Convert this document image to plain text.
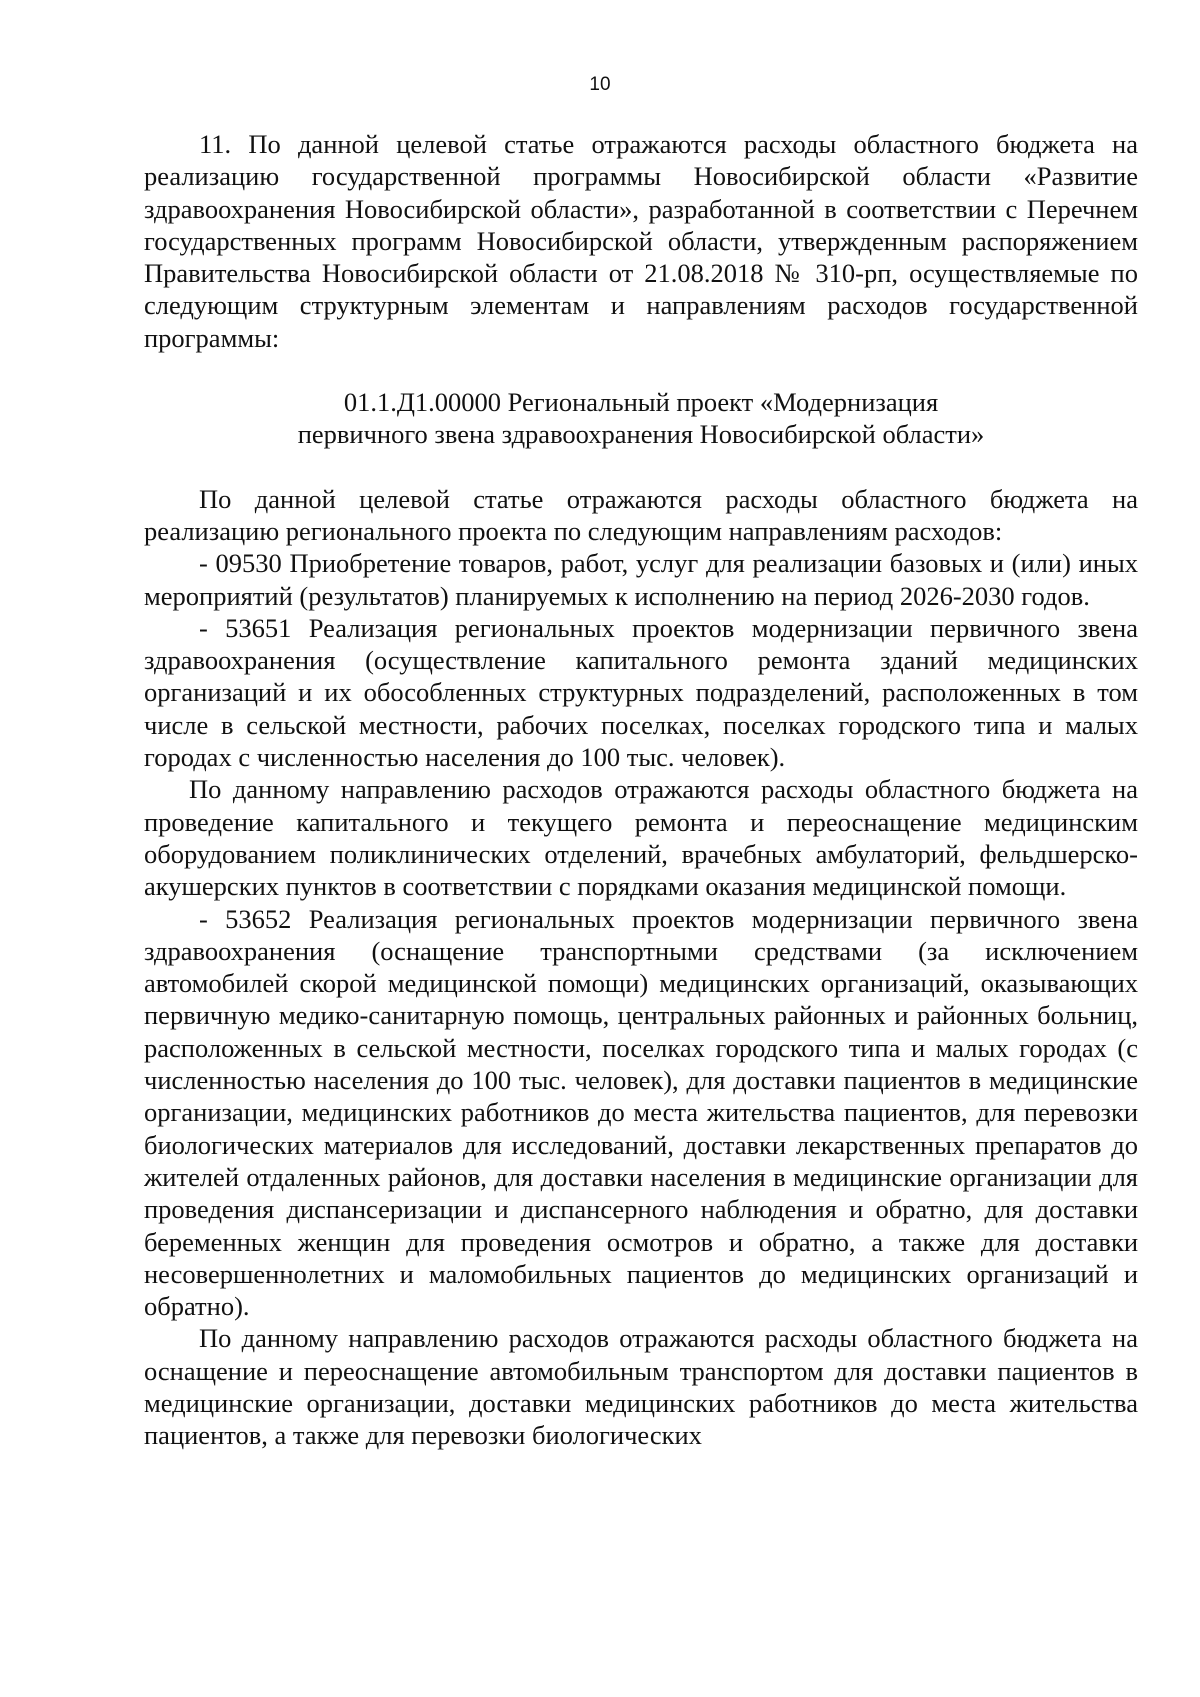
10

11. По данной целевой статье отражаются расходы областного бюджета на реализацию государственной программы Новосибирской области «Развитие здравоохранения Новосибирской области», разработанной в соответствии с Перечнем государственных программ Новосибирской области, утвержденным распоряжением Правительства Новосибирской области от 21.08.2018 № 310-рп, осуществляемые по следующим структурным элементам и направлениям расходов государственной программы:

01.1.Д1.00000 Региональный проект «Модернизация
первичного звена здравоохранения Новосибирской области»

По данной целевой статье отражаются расходы областного бюджета на реализацию регионального проекта по следующим направлениям расходов:

- 09530 Приобретение товаров, работ, услуг для реализации базовых и (или) иных мероприятий (результатов) планируемых к исполнению на период 2026-2030 годов.

- 53651 Реализация региональных проектов модернизации первичного звена здравоохранения (осуществление капитального ремонта зданий медицинских организаций и их обособленных структурных подразделений, расположенных в том числе в сельской местности, рабочих поселках, поселках городского типа и малых городах с численностью населения до 100 тыс. человек).

По данному направлению расходов отражаются расходы областного бюджета на проведение капитального и текущего ремонта и переоснащение медицинским оборудованием поликлинических отделений, врачебных амбулаторий, фельдшерско-акушерских пунктов в соответствии с порядками оказания медицинской помощи.

- 53652 Реализация региональных проектов модернизации первичного звена здравоохранения (оснащение транспортными средствами (за исключением автомобилей скорой медицинской помощи) медицинских организаций, оказывающих первичную медико-санитарную помощь, центральных районных и районных больниц, расположенных в сельской местности, поселках городского типа и малых городах (с численностью населения до 100 тыс. человек), для доставки пациентов в медицинские организации, медицинских работников до места жительства пациентов, для перевозки биологических материалов для исследований, доставки лекарственных препаратов до жителей отдаленных районов, для доставки населения в медицинские организации для проведения диспансеризации и диспансерного наблюдения и обратно, для доставки беременных женщин для проведения осмотров и обратно, а также для доставки несовершеннолетних и маломобильных пациентов до медицинских организаций и обратно).

По данному направлению расходов отражаются расходы областного бюджета на оснащение и переоснащение автомобильным транспортом для доставки пациентов в медицинские организации, доставки медицинских работников до места жительства пациентов, а также для перевозки биологических
